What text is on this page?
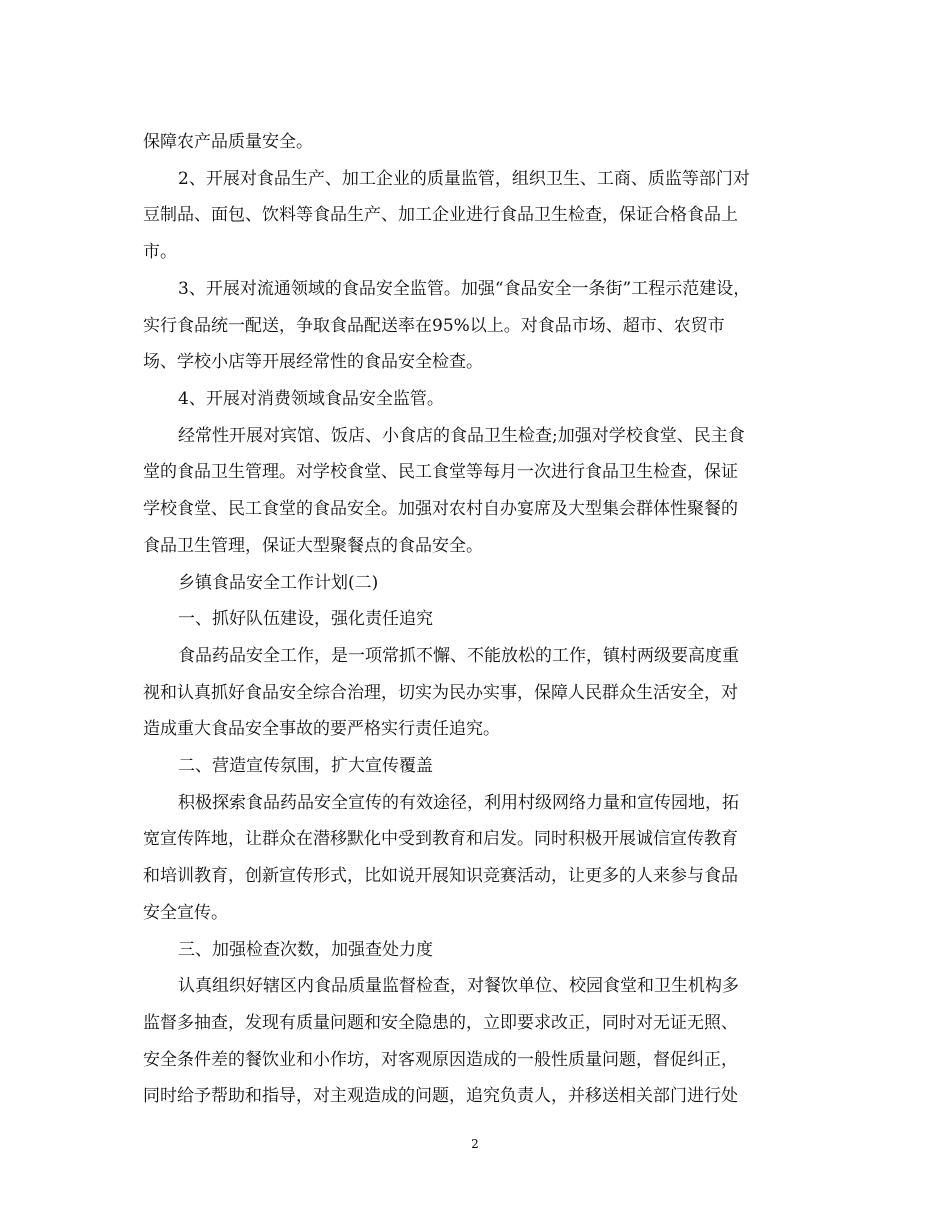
保障农产品质量安全。
2、开展对食品生产、加工企业的质量监管，组织卫生、工商、质监等部门对
豆制品、面包、饮料等食品生产、加工企业进行食品卫生检查，保证合格食品上
市。
3、开展对流通领域的食品安全监管。加强“食品安全一条街”工程示范建设，
实行食品统一配送，争取食品配送率在95%以上。对食品市场、超市、农贸市
场、学校小店等开展经常性的食品安全检查。
4、开展对消费领域食品安全监管。
经常性开展对宾馆、饭店、小食店的食品卫生检查;加强对学校食堂、民主食
堂的食品卫生管理。对学校食堂、民工食堂等每月一次进行食品卫生检查，保证
学校食堂、民工食堂的食品安全。加强对农村自办宴席及大型集会群体性聚餐的
食品卫生管理，保证大型聚餐点的食品安全。
乡镇食品安全工作计划(二)
一、抓好队伍建设，强化责任追究
食品药品安全工作，是一项常抓不懈、不能放松的工作，镇村两级要高度重
视和认真抓好食品安全综合治理，切实为民办实事，保障人民群众生活安全，对
造成重大食品安全事故的要严格实行责任追究。
二、营造宣传氛围，扩大宣传覆盖
积极探索食品药品安全宣传的有效途径，利用村级网络力量和宣传园地，拓
宽宣传阵地，让群众在潜移默化中受到教育和启发。同时积极开展诚信宣传教育
和培训教育，创新宣传形式，比如说开展知识竞赛活动，让更多的人来参与食品
安全宣传。
三、加强检查次数，加强查处力度
认真组织好辖区内食品质量监督检查，对餐饮单位、校园食堂和卫生机构多
监督多抽查，发现有质量问题和安全隐患的，立即要求改正，同时对无证无照、
安全条件差的餐饮业和小作坊，对客观原因造成的一般性质量问题，督促纠正，
同时给予帮助和指导，对主观造成的问题，追究负责人，并移送相关部门进行处
2
